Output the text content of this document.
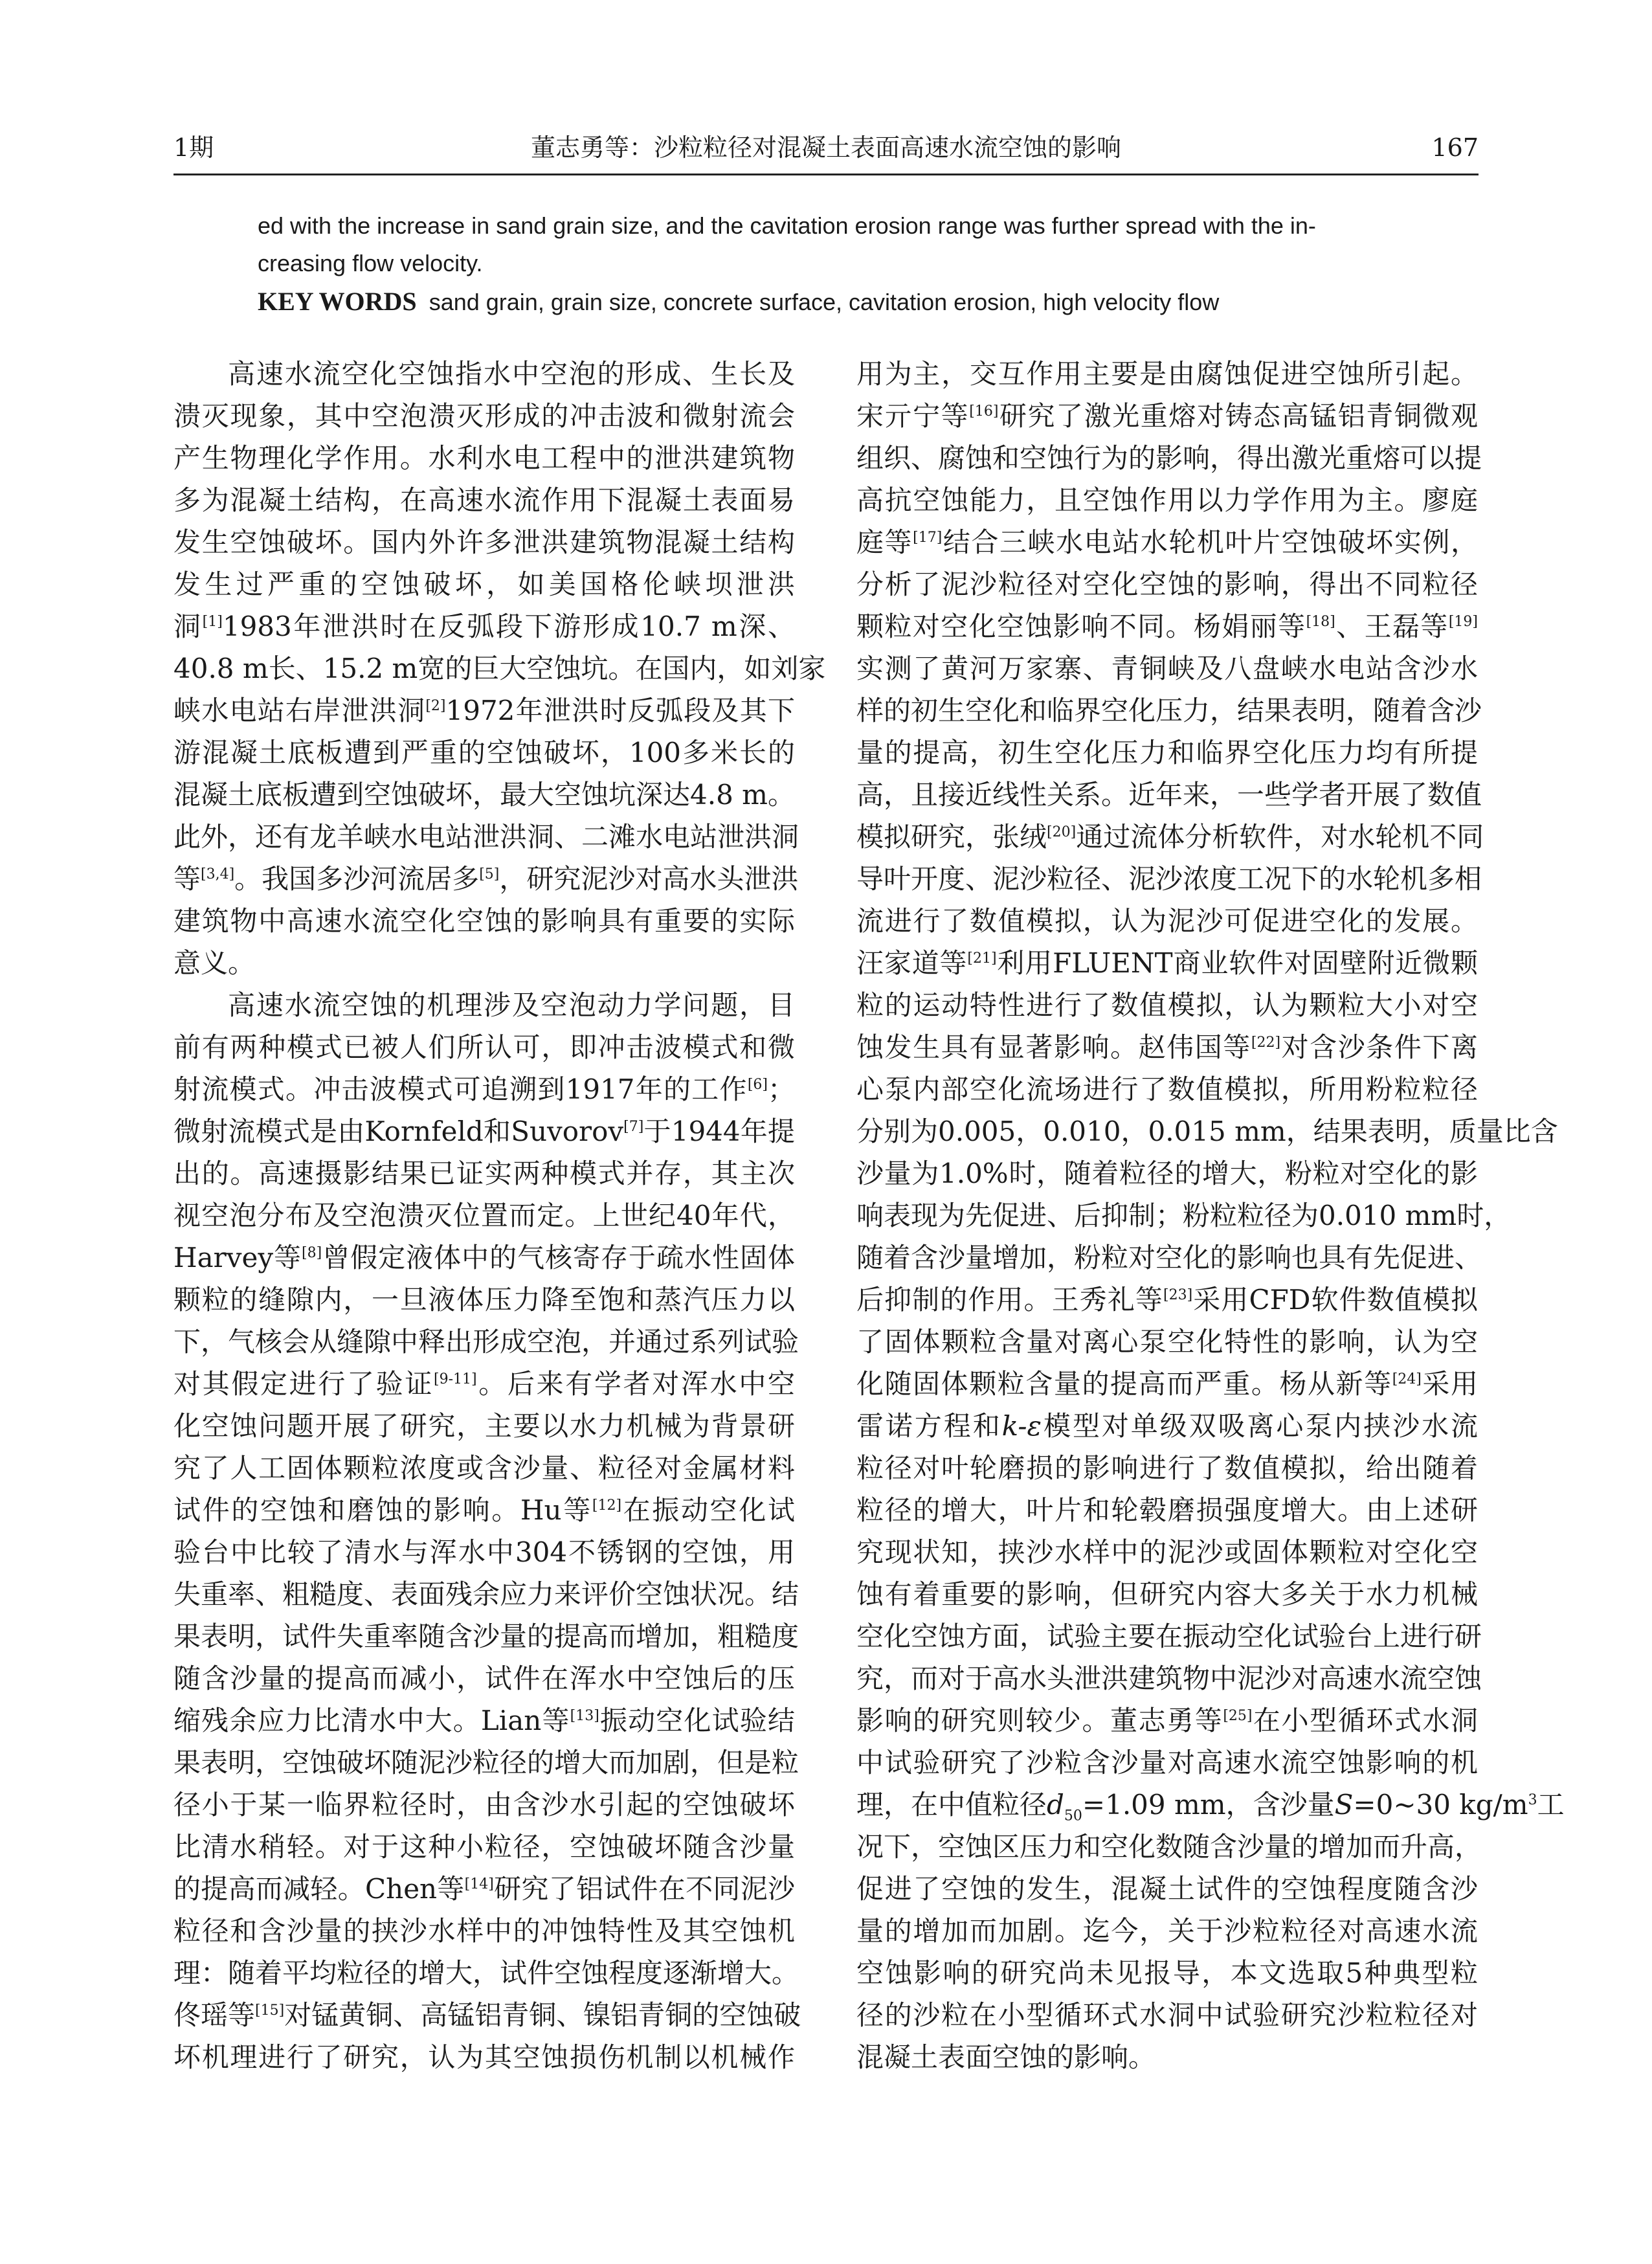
1期	董志勇等：沙粒粒径对混凝土表面高速水流空蚀的影响	167
ed with the increase in sand grain size, and the cavitation erosion range was further spread with the in-
creasing flow velocity.
KEY WORDS sand grain, grain size, concrete surface, cavitation erosion, high velocity flow
高速水流空化空蚀指水中空泡的形成、生长及
溃灭现象，其中空泡溃灭形成的冲击波和微射流会
产生物理化学作用。水利水电工程中的泄洪建筑物
多为混凝土结构，在高速水流作用下混凝土表面易
发生空蚀破坏。国内外许多泄洪建筑物混凝土结构
发生过严重的空蚀破坏，如美国格伦峡坝泄洪
洞[1]1983年泄洪时在反弧段下游形成10.7 m深、
40.8 m长、15.2 m宽的巨大空蚀坑。在国内，如刘家
峡水电站右岸泄洪洞[2]1972年泄洪时反弧段及其下
游混凝土底板遭到严重的空蚀破坏，100多米长的
混凝土底板遭到空蚀破坏，最大空蚀坑深达4.8 m。
此外，还有龙羊峡水电站泄洪洞、二滩水电站泄洪洞
等[3,4]。我国多沙河流居多[5]，研究泥沙对高水头泄洪
建筑物中高速水流空化空蚀的影响具有重要的实际
意义。
高速水流空蚀的机理涉及空泡动力学问题，目
前有两种模式已被人们所认可，即冲击波模式和微
射流模式。冲击波模式可追溯到1917年的工作[6]；
微射流模式是由Kornfeld和Suvorov[7]于1944年提
出的。高速摄影结果已证实两种模式并存，其主次
视空泡分布及空泡溃灭位置而定。上世纪40年代，
Harvey等[8]曾假定液体中的气核寄存于疏水性固体
颗粒的缝隙内，一旦液体压力降至饱和蒸汽压力以
下，气核会从缝隙中释出形成空泡，并通过系列试验
对其假定进行了验证[9-11]。后来有学者对浑水中空
化空蚀问题开展了研究，主要以水力机械为背景研
究了人工固体颗粒浓度或含沙量、粒径对金属材料
试件的空蚀和磨蚀的影响。Hu等[12]在振动空化试
验台中比较了清水与浑水中304不锈钢的空蚀，用
失重率、粗糙度、表面残余应力来评价空蚀状况。结
果表明，试件失重率随含沙量的提高而增加，粗糙度
随含沙量的提高而减小，试件在浑水中空蚀后的压
缩残余应力比清水中大。Lian等[13]振动空化试验结
果表明，空蚀破坏随泥沙粒径的增大而加剧，但是粒
径小于某一临界粒径时，由含沙水引起的空蚀破坏
比清水稍轻。对于这种小粒径，空蚀破坏随含沙量
的提高而减轻。Chen等[14]研究了铝试件在不同泥沙
粒径和含沙量的挟沙水样中的冲蚀特性及其空蚀机
理：随着平均粒径的增大，试件空蚀程度逐渐增大。
佟瑶等[15]对锰黄铜、高锰铝青铜、镍铝青铜的空蚀破
坏机理进行了研究，认为其空蚀损伤机制以机械作
用为主，交互作用主要是由腐蚀促进空蚀所引起。
宋亓宁等[16]研究了激光重熔对铸态高锰铝青铜微观
组织、腐蚀和空蚀行为的影响，得出激光重熔可以提
高抗空蚀能力，且空蚀作用以力学作用为主。廖庭
庭等[17]结合三峡水电站水轮机叶片空蚀破坏实例，
分析了泥沙粒径对空化空蚀的影响，得出不同粒径
颗粒对空化空蚀影响不同。杨娟丽等[18]、王磊等[19]
实测了黄河万家寨、青铜峡及八盘峡水电站含沙水
样的初生空化和临界空化压力，结果表明，随着含沙
量的提高，初生空化压力和临界空化压力均有所提
高，且接近线性关系。近年来，一些学者开展了数值
模拟研究，张绒[20]通过流体分析软件，对水轮机不同
导叶开度、泥沙粒径、泥沙浓度工况下的水轮机多相
流进行了数值模拟，认为泥沙可促进空化的发展。
汪家道等[21]利用FLUENT商业软件对固壁附近微颗
粒的运动特性进行了数值模拟，认为颗粒大小对空
蚀发生具有显著影响。赵伟国等[22]对含沙条件下离
心泵内部空化流场进行了数值模拟，所用粉粒粒径
分别为0.005，0.010，0.015 mm，结果表明，质量比含
沙量为1.0%时，随着粒径的增大，粉粒对空化的影
响表现为先促进、后抑制；粉粒粒径为0.010 mm时，
随着含沙量增加，粉粒对空化的影响也具有先促进、
后抑制的作用。王秀礼等[23]采用CFD软件数值模拟
了固体颗粒含量对离心泵空化特性的影响，认为空
化随固体颗粒含量的提高而严重。杨从新等[24]采用
雷诺方程和k-ε模型对单级双吸离心泵内挟沙水流
粒径对叶轮磨损的影响进行了数值模拟，给出随着
粒径的增大，叶片和轮毂磨损强度增大。由上述研
究现状知，挟沙水样中的泥沙或固体颗粒对空化空
蚀有着重要的影响，但研究内容大多关于水力机械
空化空蚀方面，试验主要在振动空化试验台上进行研
究，而对于高水头泄洪建筑物中泥沙对高速水流空蚀
影响的研究则较少。董志勇等[25]在小型循环式水洞
中试验研究了沙粒含沙量对高速水流空蚀影响的机
理，在中值粒径$d_{50}=1.09$ mm，含沙量S=0~30 $kg/m^3$工
况下，空蚀区压力和空化数随含沙量的增加而升高，
促进了空蚀的发生，混凝土试件的空蚀程度随含沙
量的增加而加剧。迄今，关于沙粒粒径对高速水流
空蚀影响的研究尚未见报导，本文选取5种典型粒
径的沙粒在小型循环式水洞中试验研究沙粒粒径对
混凝土表面空蚀的影响。
